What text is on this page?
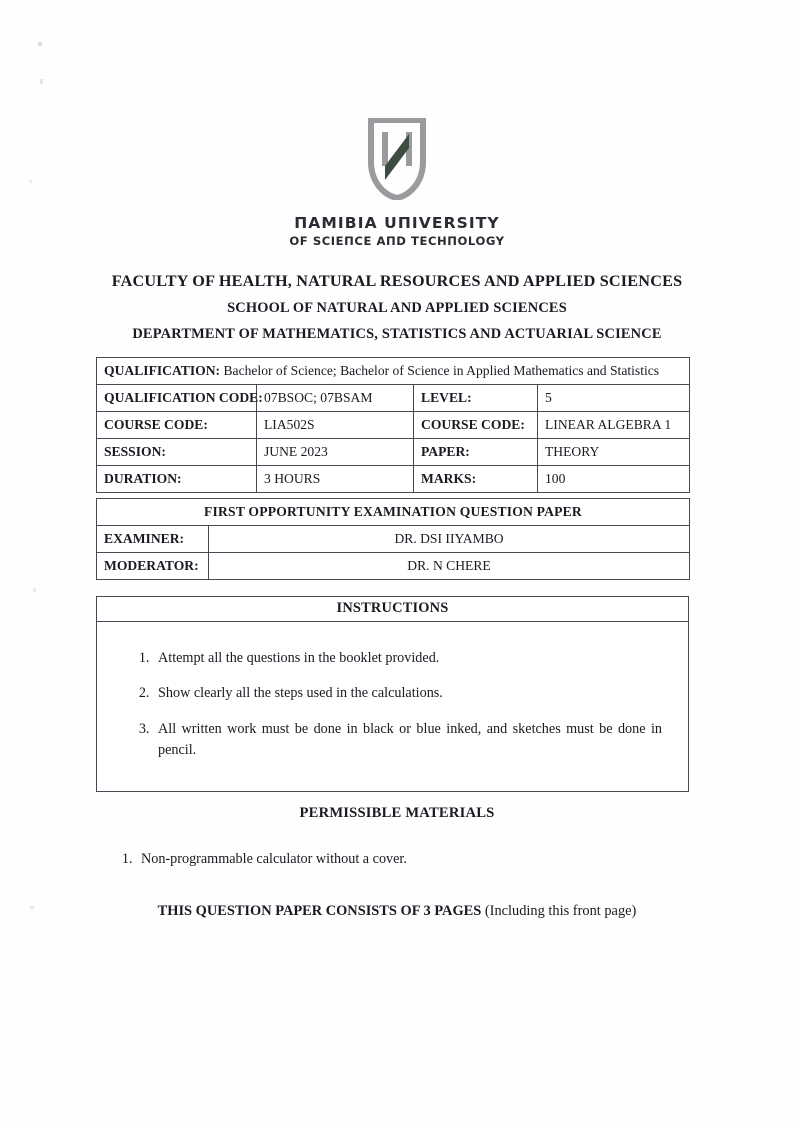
ПAMIBIA UПIVERSITY
OF SCIEПCE AПD TECHПOLOGY
FACULTY OF HEALTH, NATURAL RESOURCES AND APPLIED SCIENCES
SCHOOL OF NATURAL AND APPLIED SCIENCES
DEPARTMENT OF MATHEMATICS, STATISTICS AND ACTUARIAL SCIENCE
QUALIFICATION: Bachelor of Science; Bachelor of Science in Applied Mathematics and Statistics			
QUALIFICATION CODE:	07BSOC; 07BSAM	LEVEL:	5
COURSE CODE:	LIA502S	COURSE CODE:	LINEAR ALGEBRA 1
SESSION:	JUNE 2023	PAPER:	THEORY
DURATION:	3 HOURS	MARKS:	100
FIRST OPPORTUNITY EXAMINATION QUESTION PAPER	
EXAMINER:	DR. DSI IIYAMBO
MODERATOR:	DR. N CHERE
INSTRUCTIONS
1. Attempt all the questions in the booklet provided.
2. Show clearly all the steps used in the calculations.
3. All written work must be done in black or blue inked, and sketches must be done in pencil.
PERMISSIBLE MATERIALS
1. Non-programmable calculator without a cover.
THIS QUESTION PAPER CONSISTS OF 3 PAGES (Including this front page)
